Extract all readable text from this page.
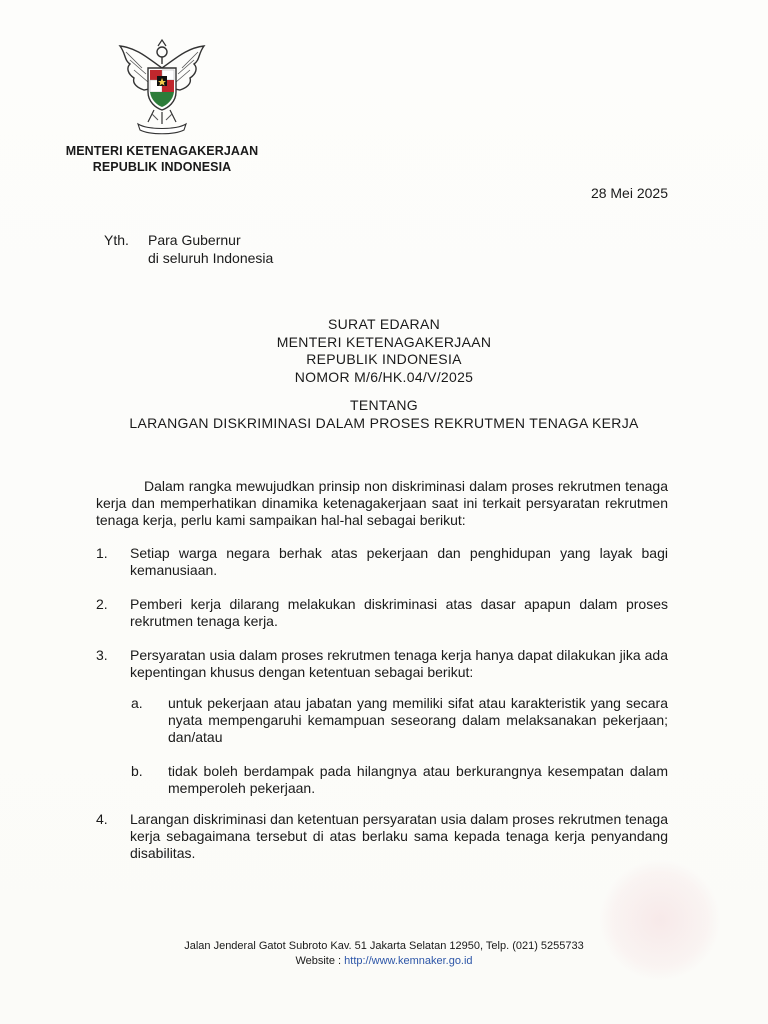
MENTERI KETENAGAKERJAAN
REPUBLIK INDONESIA
28 Mei 2025
Yth. Para Gubernur
di seluruh Indonesia
SURAT EDARAN
MENTERI KETENAGAKERJAAN
REPUBLIK INDONESIA
NOMOR M/6/HK.04/V/2025
TENTANG
LARANGAN DISKRIMINASI DALAM PROSES REKRUTMEN TENAGA KERJA
Dalam rangka mewujudkan prinsip non diskriminasi dalam proses rekrutmen tenaga kerja dan memperhatikan dinamika ketenagakerjaan saat ini terkait persyaratan rekrutmen tenaga kerja, perlu kami sampaikan hal-hal sebagai berikut:
1. Setiap warga negara berhak atas pekerjaan dan penghidupan yang layak bagi kemanusiaan.
2. Pemberi kerja dilarang melakukan diskriminasi atas dasar apapun dalam proses rekrutmen tenaga kerja.
3. Persyaratan usia dalam proses rekrutmen tenaga kerja hanya dapat dilakukan jika ada kepentingan khusus dengan ketentuan sebagai berikut:
a. untuk pekerjaan atau jabatan yang memiliki sifat atau karakteristik yang secara nyata mempengaruhi kemampuan seseorang dalam melaksanakan pekerjaan; dan/atau
b. tidak boleh berdampak pada hilangnya atau berkurangnya kesempatan dalam memperoleh pekerjaan.
4. Larangan diskriminasi dan ketentuan persyaratan usia dalam proses rekrutmen tenaga kerja sebagaimana tersebut di atas berlaku sama kepada tenaga kerja penyandang disabilitas.
Jalan Jenderal Gatot Subroto Kav. 51 Jakarta Selatan 12950, Telp. (021) 5255733
Website : http://www.kemnaker.go.id
